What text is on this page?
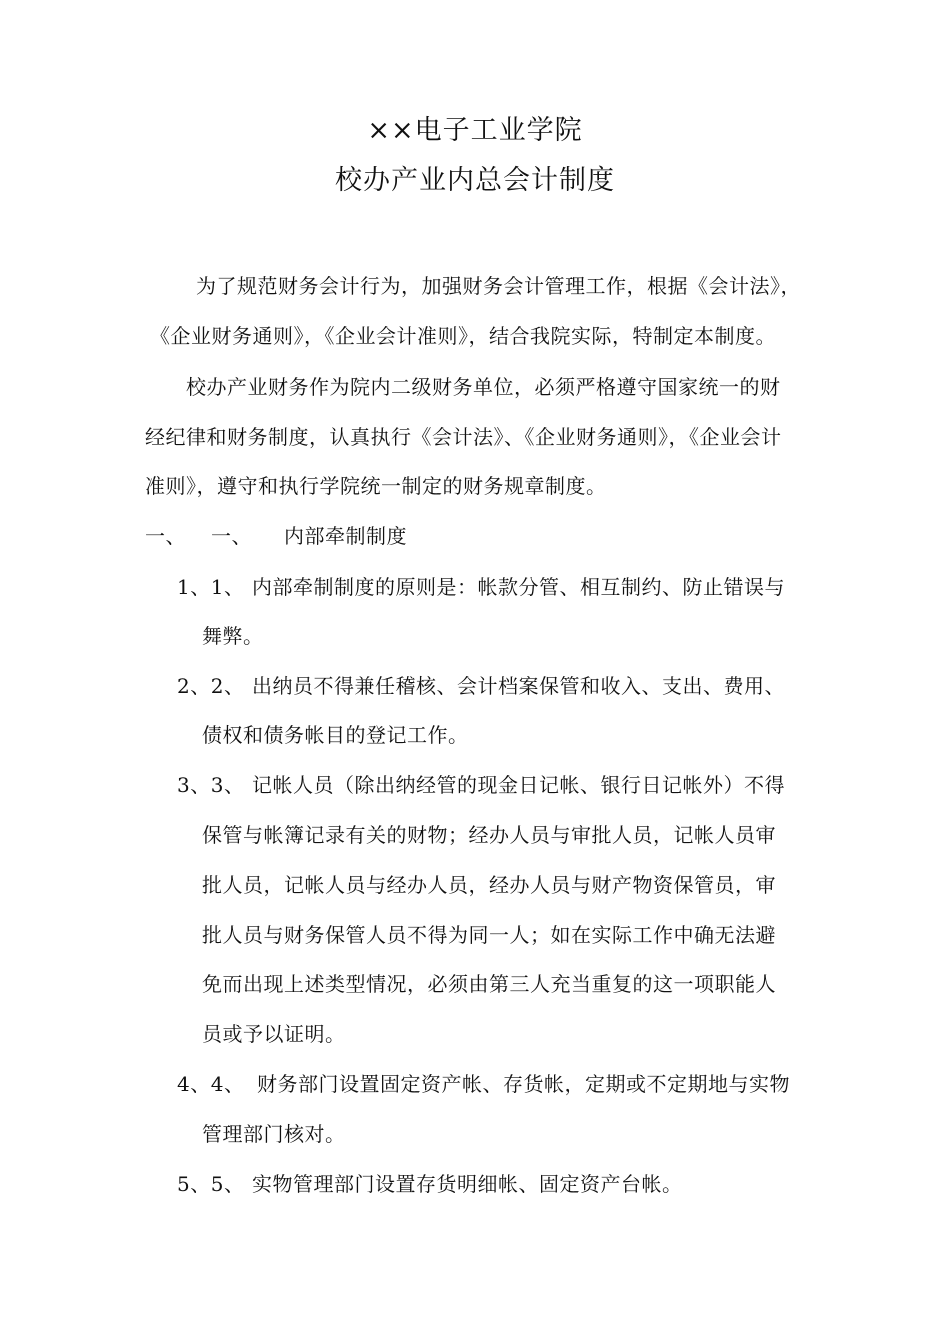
××电子工业学院
校办产业内总会计制度
为了规范财务会计行为，加强财务会计管理工作，根据《会计法》，
《企业财务通则》，《企业会计准则》，结合我院实际，特制定本制度。
校办产业财务作为院内二级财务单位，必须严格遵守国家统一的财
经纪律和财务制度，认真执行《会计法》、《企业财务通则》，《企业会计
准则》，遵守和执行学院统一制定的财务规章制度。
一、 一、 内部牵制制度
1、1、 内部牵制制度的原则是：帐款分管、相互制约、防止错误与
舞弊。
2、2、 出纳员不得兼任稽核、会计档案保管和收入、支出、费用、
债权和债务帐目的登记工作。
3、3、 记帐人员（除出纳经管的现金日记帐、银行日记帐外）不得
保管与帐簿记录有关的财物；经办人员与审批人员，记帐人员审
批人员，记帐人员与经办人员，经办人员与财产物资保管员，审
批人员与财务保管人员不得为同一人；如在实际工作中确无法避
免而出现上述类型情况，必须由第三人充当重复的这一项职能人
员或予以证明。
4、4、 财务部门设置固定资产帐、存货帐，定期或不定期地与实物
管理部门核对。
5、5、 实物管理部门设置存货明细帐、固定资产台帐。
